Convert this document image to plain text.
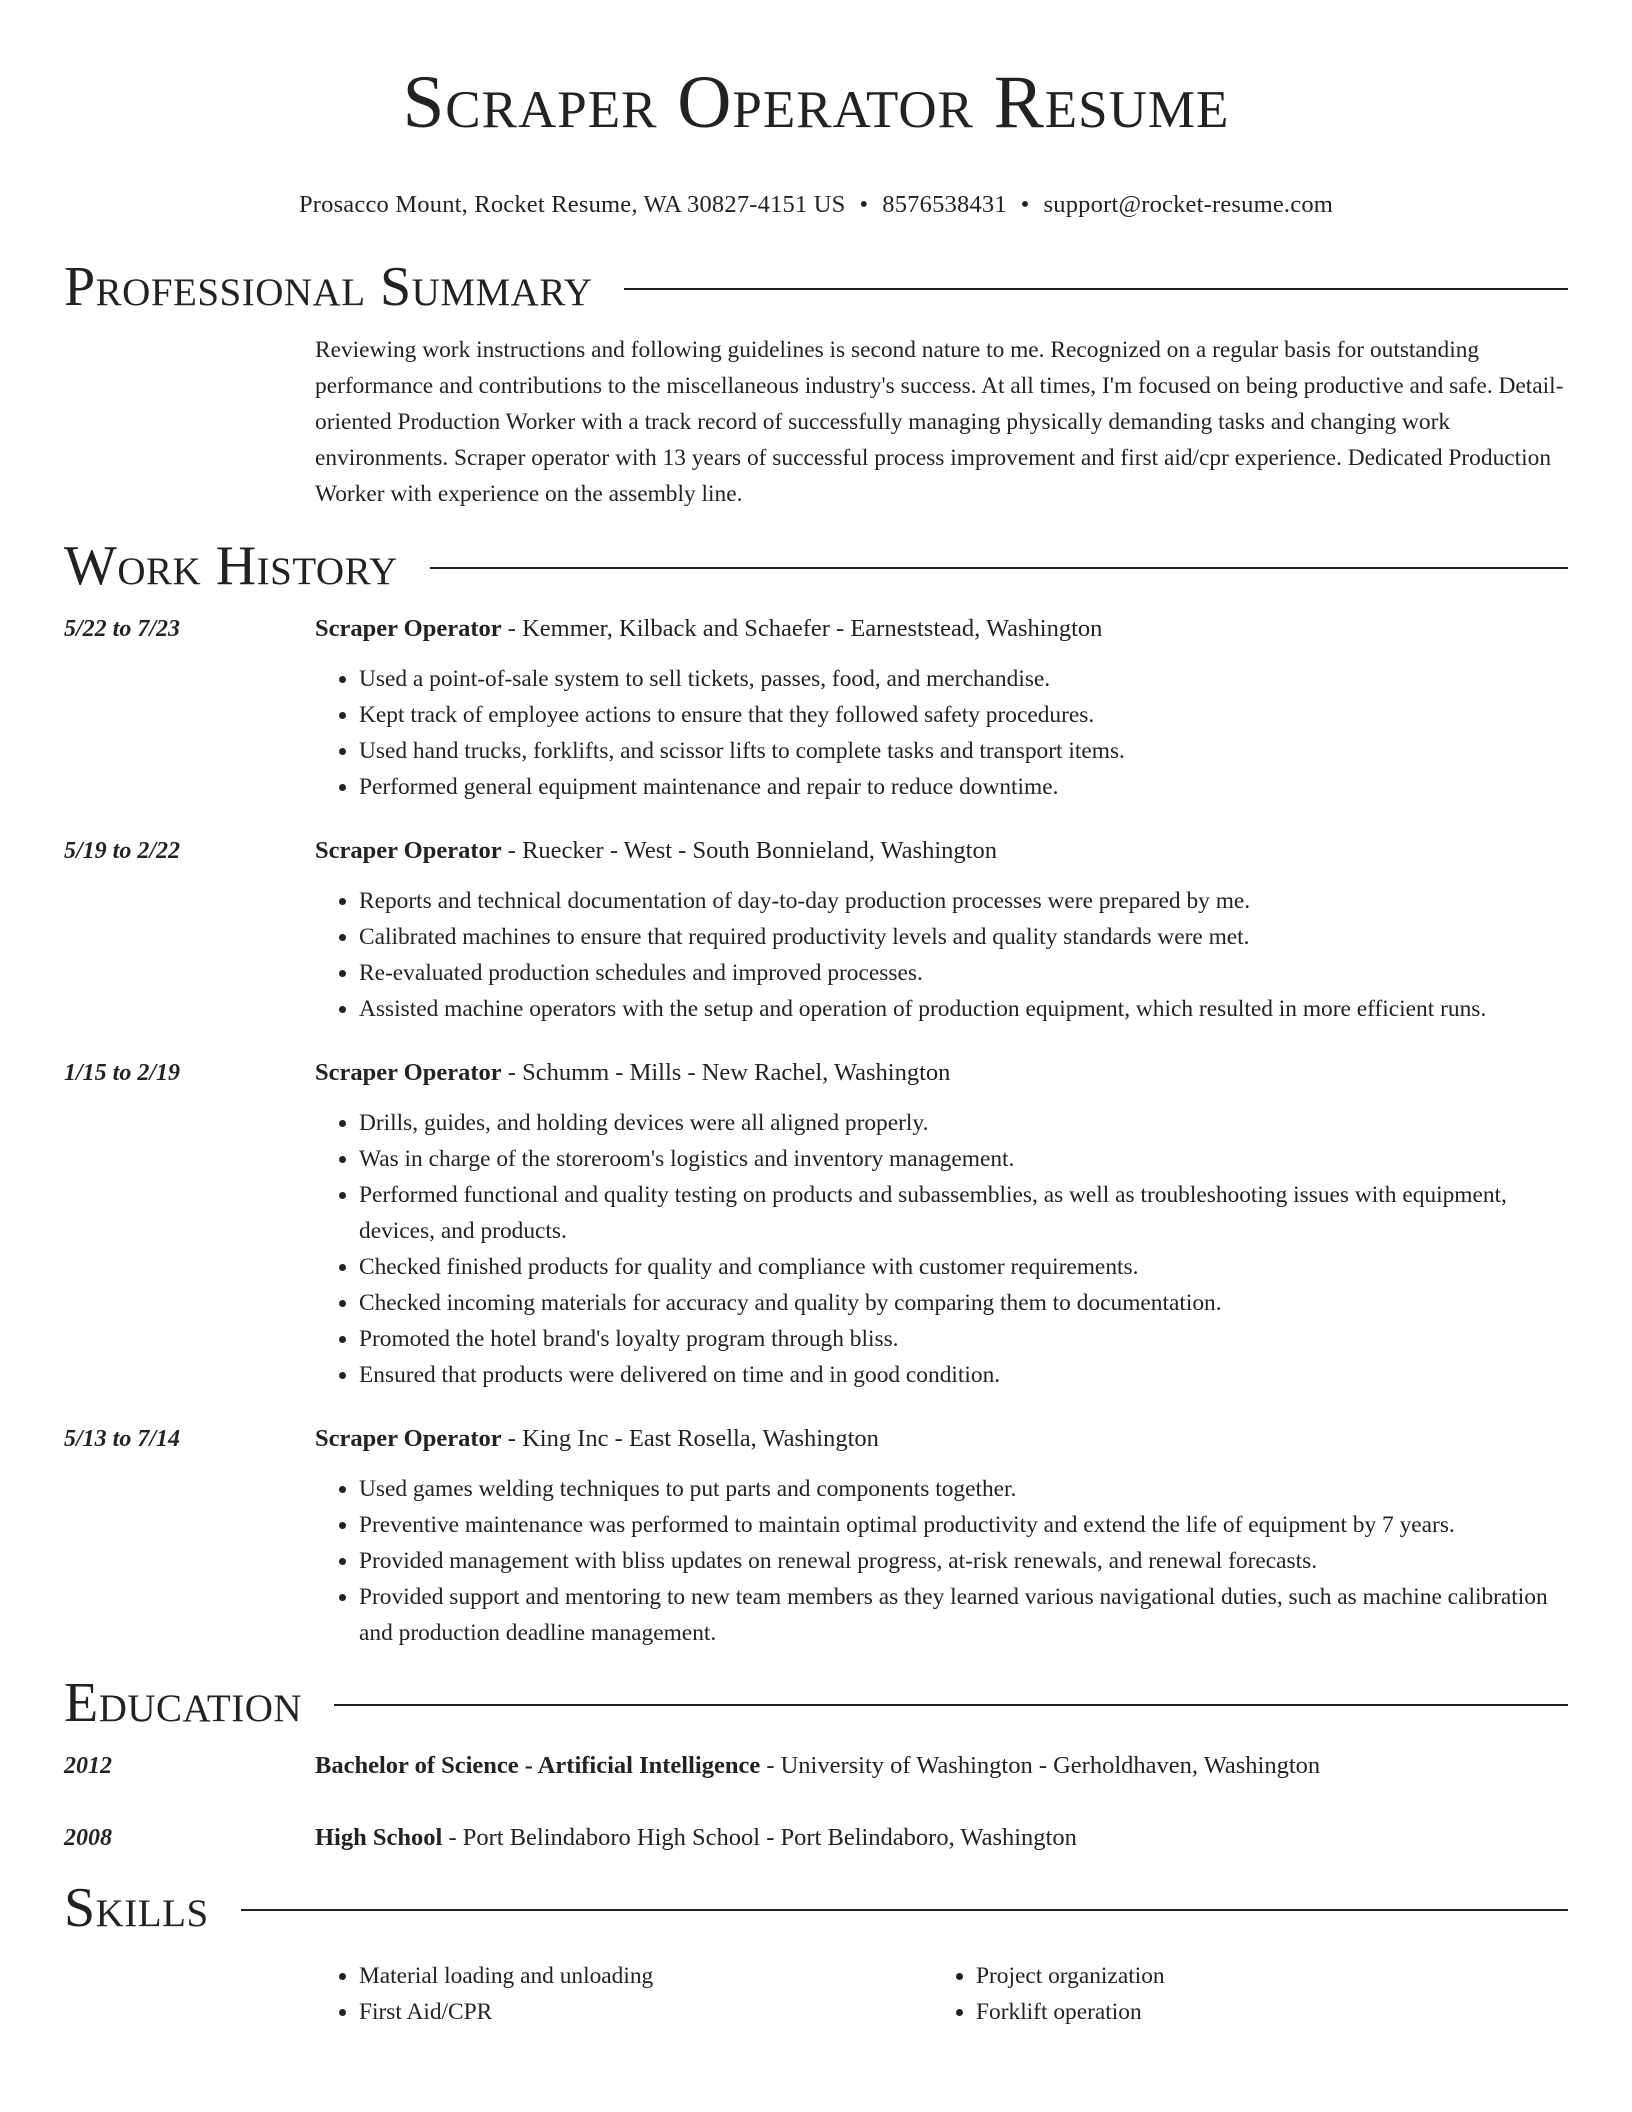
Scraper Operator Resume
Prosacco Mount, Rocket Resume, WA 30827-4151 US • 8576538431 • support@rocket-resume.com
Professional Summary

Reviewing work instructions and following guidelines is second nature to me. Recognized on a regular basis for outstanding performance and contributions to the miscellaneous industry's success. At all times, I'm focused on being productive and safe. Detail-oriented Production Worker with a track record of successfully managing physically demanding tasks and changing work environments. Scraper operator with 13 years of successful process improvement and first aid/cpr experience. Dedicated Production Worker with experience on the assembly line.

Work History
5/22 to 7/23	Scraper Operator - Kemmer, Kilback and Schaefer - Earneststead, Washington
• Used a point-of-sale system to sell tickets, passes, food, and merchandise.
• Kept track of employee actions to ensure that they followed safety procedures.
• Used hand trucks, forklifts, and scissor lifts to complete tasks and transport items.
• Performed general equipment maintenance and repair to reduce downtime.
5/19 to 2/22	Scraper Operator - Ruecker - West - South Bonnieland, Washington
• Reports and technical documentation of day-to-day production processes were prepared by me.
• Calibrated machines to ensure that required productivity levels and quality standards were met.
• Re-evaluated production schedules and improved processes.
• Assisted machine operators with the setup and operation of production equipment, which resulted in more efficient runs.
1/15 to 2/19	Scraper Operator - Schumm - Mills - New Rachel, Washington
• Drills, guides, and holding devices were all aligned properly.
• Was in charge of the storeroom's logistics and inventory management.
• Performed functional and quality testing on products and subassemblies, as well as troubleshooting issues with equipment, devices, and products.
• Checked finished products for quality and compliance with customer requirements.
• Checked incoming materials for accuracy and quality by comparing them to documentation.
• Promoted the hotel brand's loyalty program through bliss.
• Ensured that products were delivered on time and in good condition.
5/13 to 7/14	Scraper Operator - King Inc - East Rosella, Washington
• Used games welding techniques to put parts and components together.
• Preventive maintenance was performed to maintain optimal productivity and extend the life of equipment by 7 years.
• Provided management with bliss updates on renewal progress, at-risk renewals, and renewal forecasts.
• Provided support and mentoring to new team members as they learned various navigational duties, such as machine calibration and production deadline management.
Education
2012	Bachelor of Science - Artificial Intelligence - University of Washington - Gerholdhaven, Washington
2008	High School - Port Belindaboro High School - Port Belindaboro, Washington
Skills
• Material loading and unloading
• First Aid/CPR
• Project organization
• Forklift operation
